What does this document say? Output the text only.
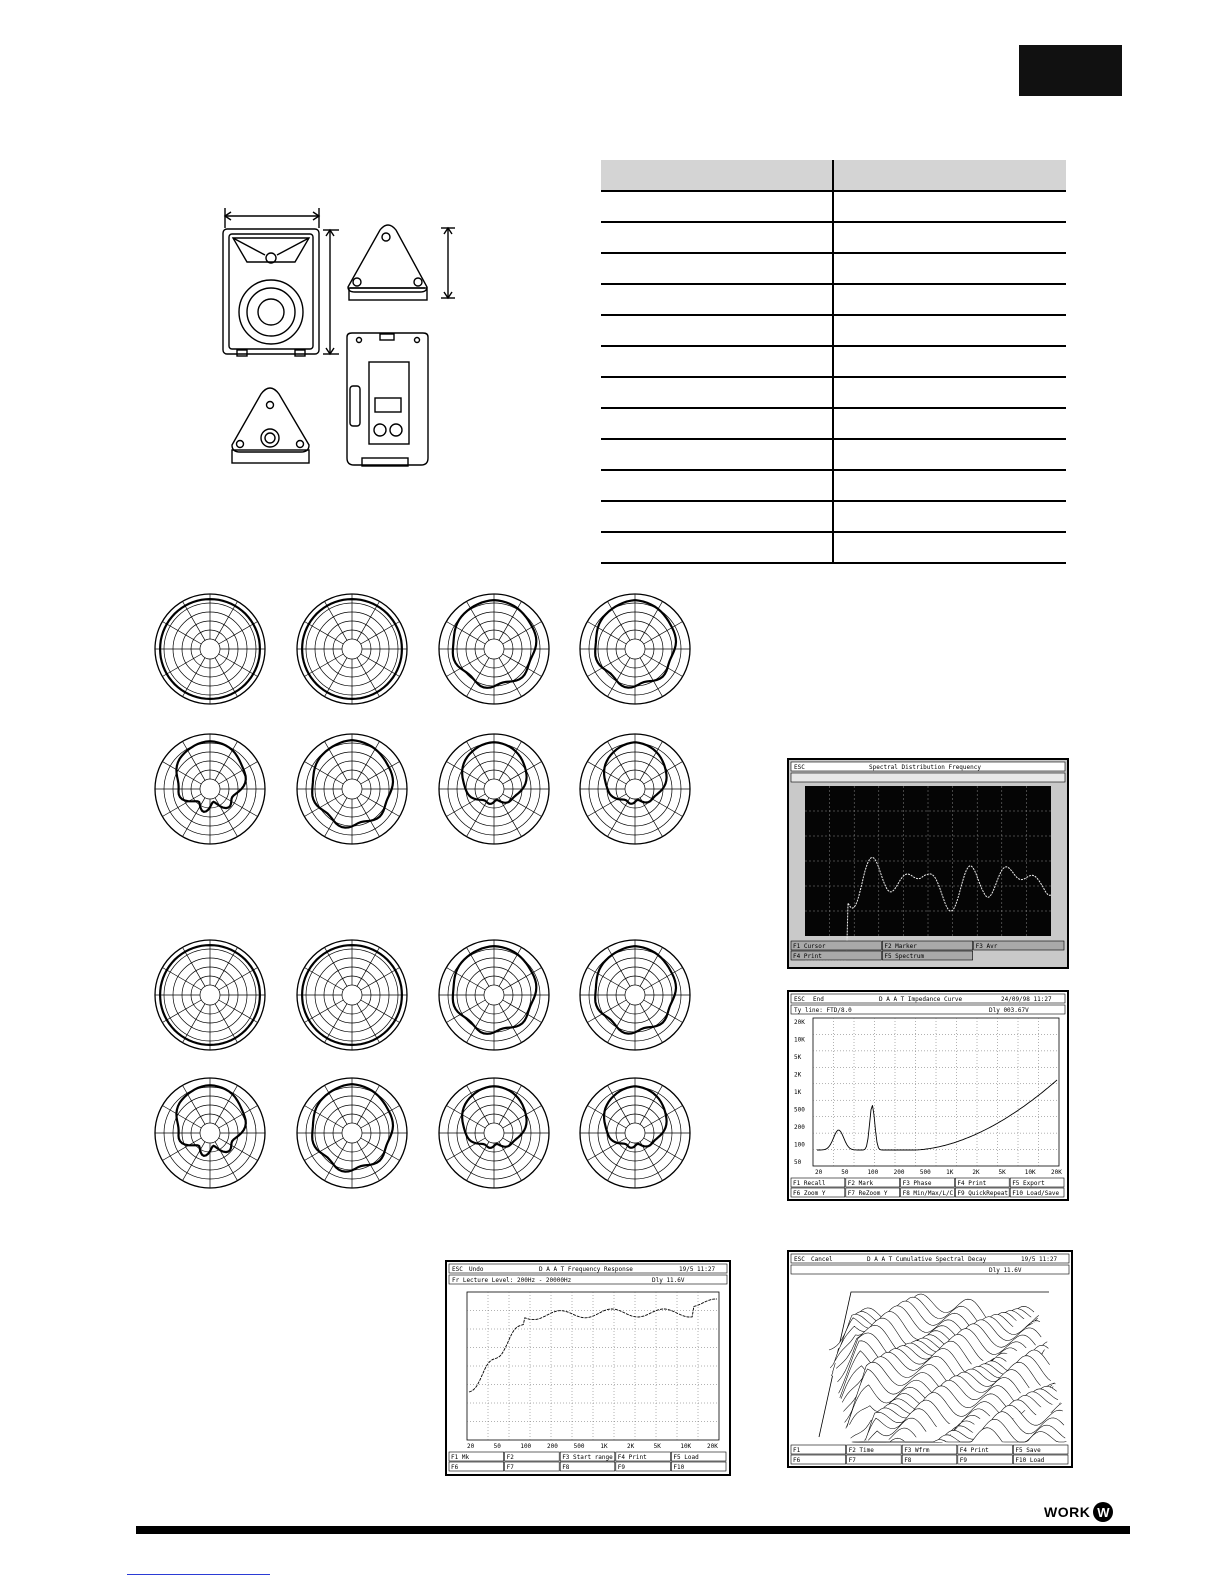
ESC	Spectral Distribution Frequency
F1 Cursor	F2 Marker	F3 Avr
F4 Print	F5 Spectrum
ESC End	D A A T Impedance Curve	24/09/98 11:27
Ty line: FTD/8.0	Dly 003.67V
20K
10K
5K
2K
1K
500
200
100
50
20	50	100	200	500	1K	2K	5K	10K	20K
F1 Recall	F2 Mark	F3 Phase	F4 Print	F5 Export
F6 Zoom Y	F7 ReZoom Y	F8 Min/Max/L/C F9 QuickRepeat F10 Load/Save
ESC Undo	D A A T Frequency Response	19/5 11:27
Fr Lecture Level: 200Hz - 20000Hz	Dly 11.6V
20	50	100	200	500	1K	2K	5K	10K	20K
F1 Mk	F2	F3 Start range F4 Print	F5 Load
F6	F7	F8	F9	F10
ESC Cancel	D A A T Cumulative Spectral Decay	19/5 11:27
Dly 11.6V
F1	F2 Time	F3 Wfrm	F4 Print	F5 Save
F6	F7	F8	F9	F10 Load
WORK W
